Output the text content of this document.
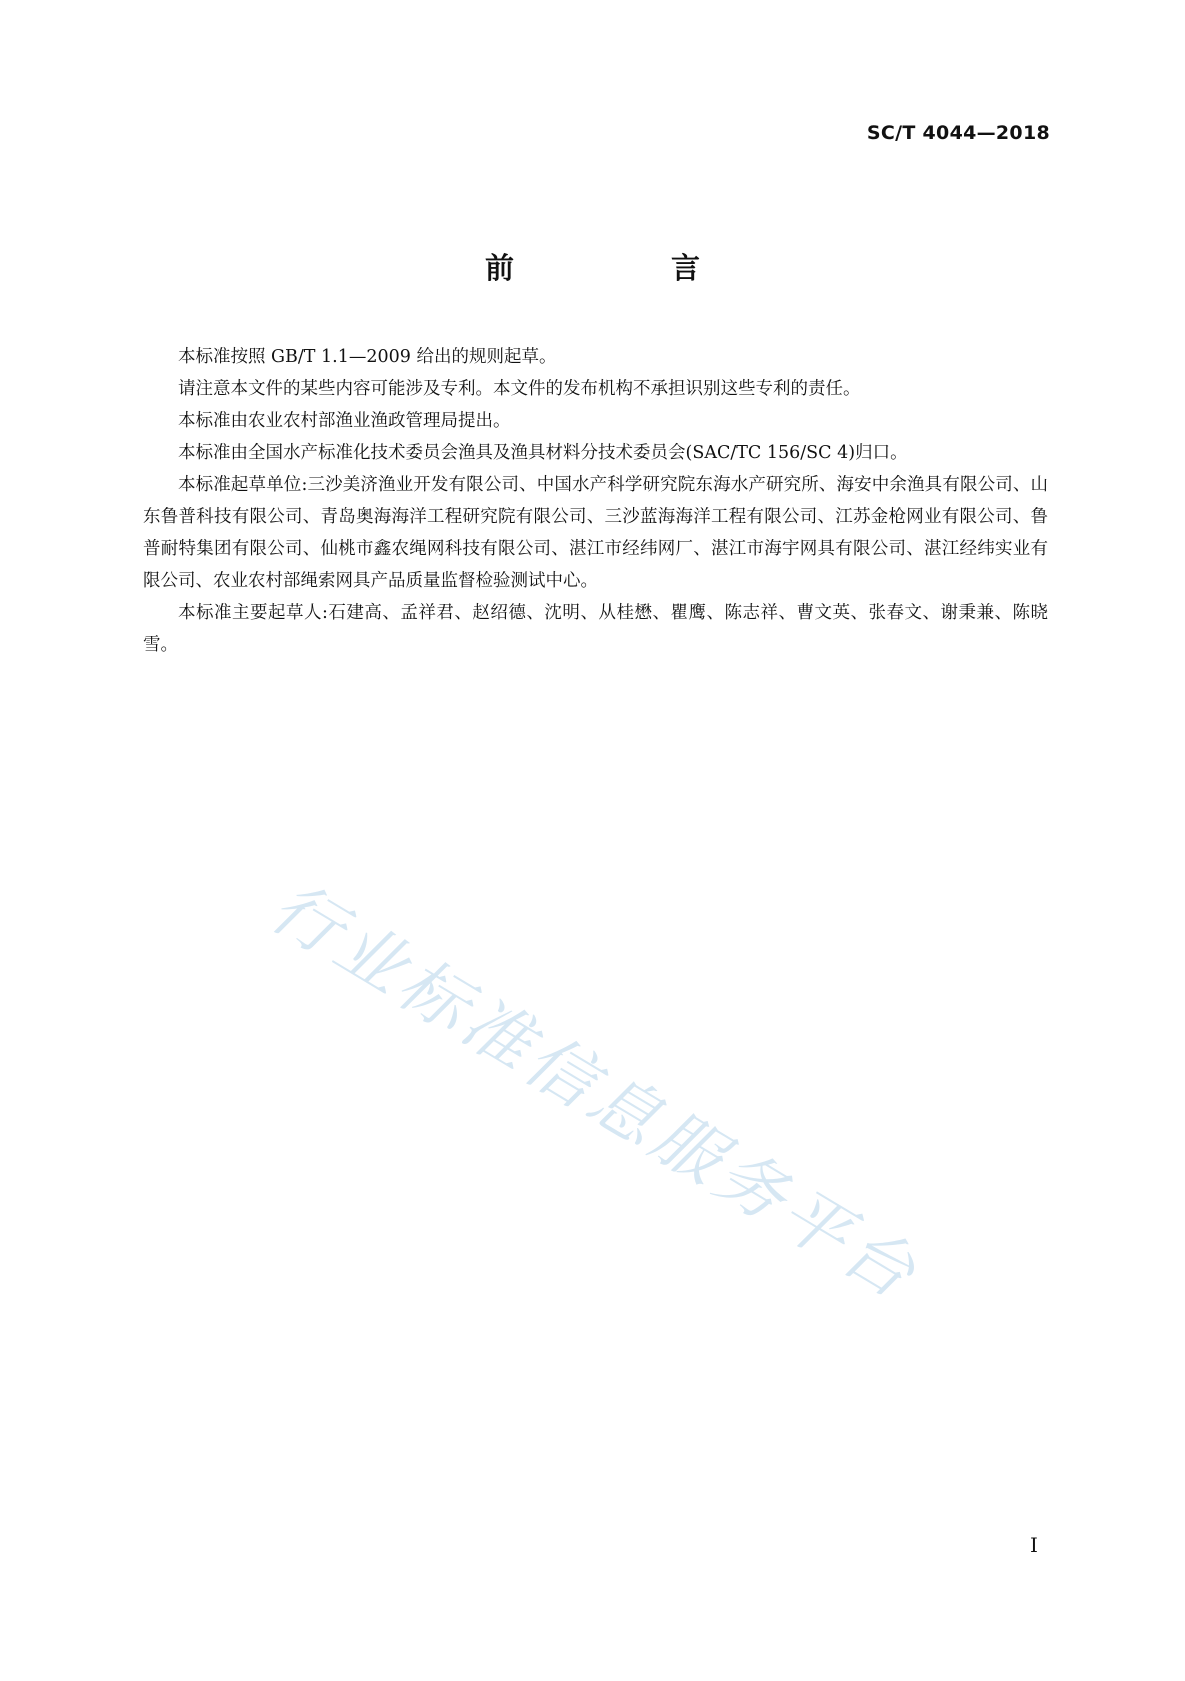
SC/T 4044—2018
前　言

本标准按照 GB/T 1.1—2009 给出的规则起草。

请注意本文件的某些内容可能涉及专利。本文件的发布机构不承担识别这些专利的责任。

本标准由农业农村部渔业渔政管理局提出。

本标准由全国水产标准化技术委员会渔具及渔具材料分技术委员会(SAC/TC 156/SC 4)归口。

本标准起草单位:三沙美济渔业开发有限公司、中国水产科学研究院东海水产研究所、海安中余渔具有限公司、山东鲁普科技有限公司、青岛奥海海洋工程研究院有限公司、三沙蓝海海洋工程有限公司、江苏金枪网业有限公司、鲁普耐特集团有限公司、仙桃市鑫农绳网科技有限公司、湛江市经纬网厂、湛江市海宇网具有限公司、湛江经纬实业有限公司、农业农村部绳索网具产品质量监督检验测试中心。

本标准主要起草人:石建高、孟祥君、赵绍德、沈明、从桂懋、瞿鹰、陈志祥、曹文英、张春文、谢秉兼、陈晓雪。

行业标准信息服务平台
I
